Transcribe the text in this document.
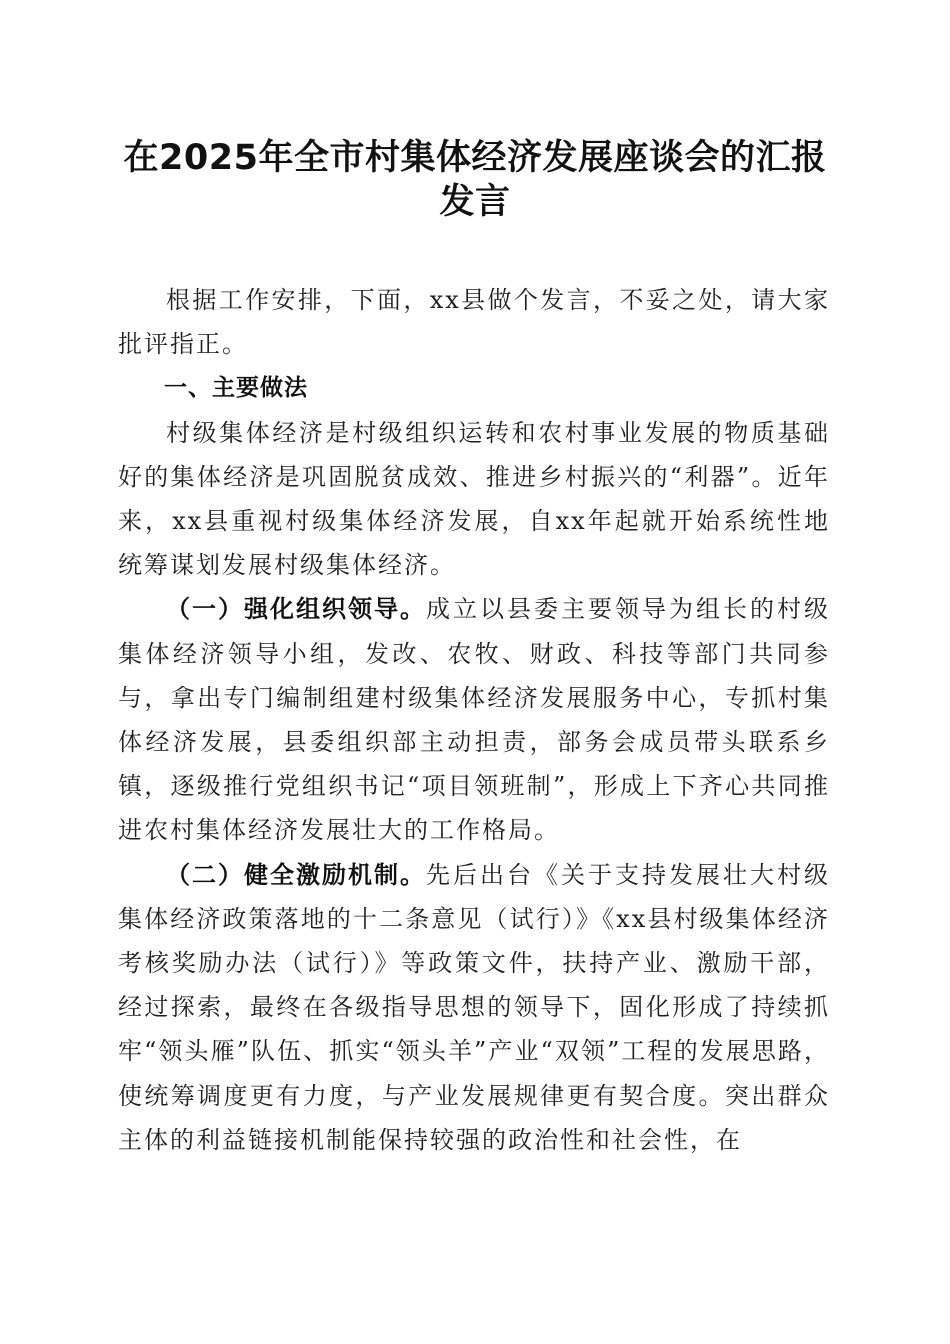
在2025年全市村集体经济发展座谈会的汇报
发言

根据工作安排，下面，xx县做个发言，不妥之处，请大家批评指正。

一、主要做法

村级集体经济是村级组织运转和农村事业发展的物质基础好的集体经济是巩固脱贫成效、推进乡村振兴的“利器”。近年来，xx县重视村级集体经济发展，自xx年起就开始系统性地统筹谋划发展村级集体经济。

（一）强化组织领导。成立以县委主要领导为组长的村级集体经济领导小组，发改、农牧、财政、科技等部门共同参与，拿出专门编制组建村级集体经济发展服务中心，专抓村集体经济发展，县委组织部主动担责，部务会成员带头联系乡镇，逐级推行党组织书记“项目领班制”，形成上下齐心共同推进农村集体经济发展壮大的工作格局。

（二）健全激励机制。先后出台《关于支持发展壮大村级集体经济政策落地的十二条意见（试行）》《xx县村级集体经济考核奖励办法（试行）》等政策文件，扶持产业、激励干部，经过探索，最终在各级指导思想的领导下，固化形成了持续抓牢“领头雁”队伍、抓实“领头羊”产业“双领”工程的发展思路，使统筹调度更有力度，与产业发展规律更有契合度。突出群众主体的利益链接机制能保持较强的政治性和社会性，在
